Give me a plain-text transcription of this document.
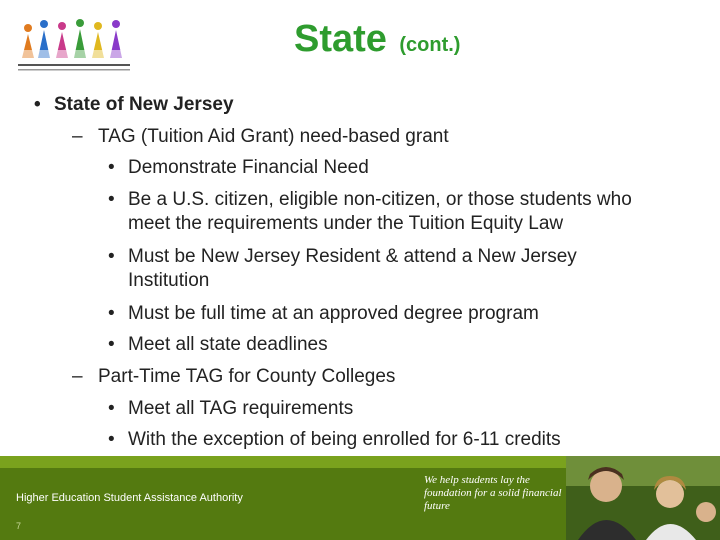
State (cont.)
• State of New Jersey
– TAG (Tuition Aid Grant) need-based grant
• Demonstrate Financial Need
• Be a U.S. citizen, eligible non-citizen, or those students who
meet the requirements under the Tuition Equity Law
• Must be New Jersey Resident & attend a New Jersey
Institution
• Must be full time at an approved degree program
• Meet all state deadlines
– Part-Time TAG for County Colleges
• Meet all TAG requirements
• With the exception of being enrolled for 6-11 credits
Higher Education Student Assistance Authority
7
We help students lay the foundation for a solid financial future
